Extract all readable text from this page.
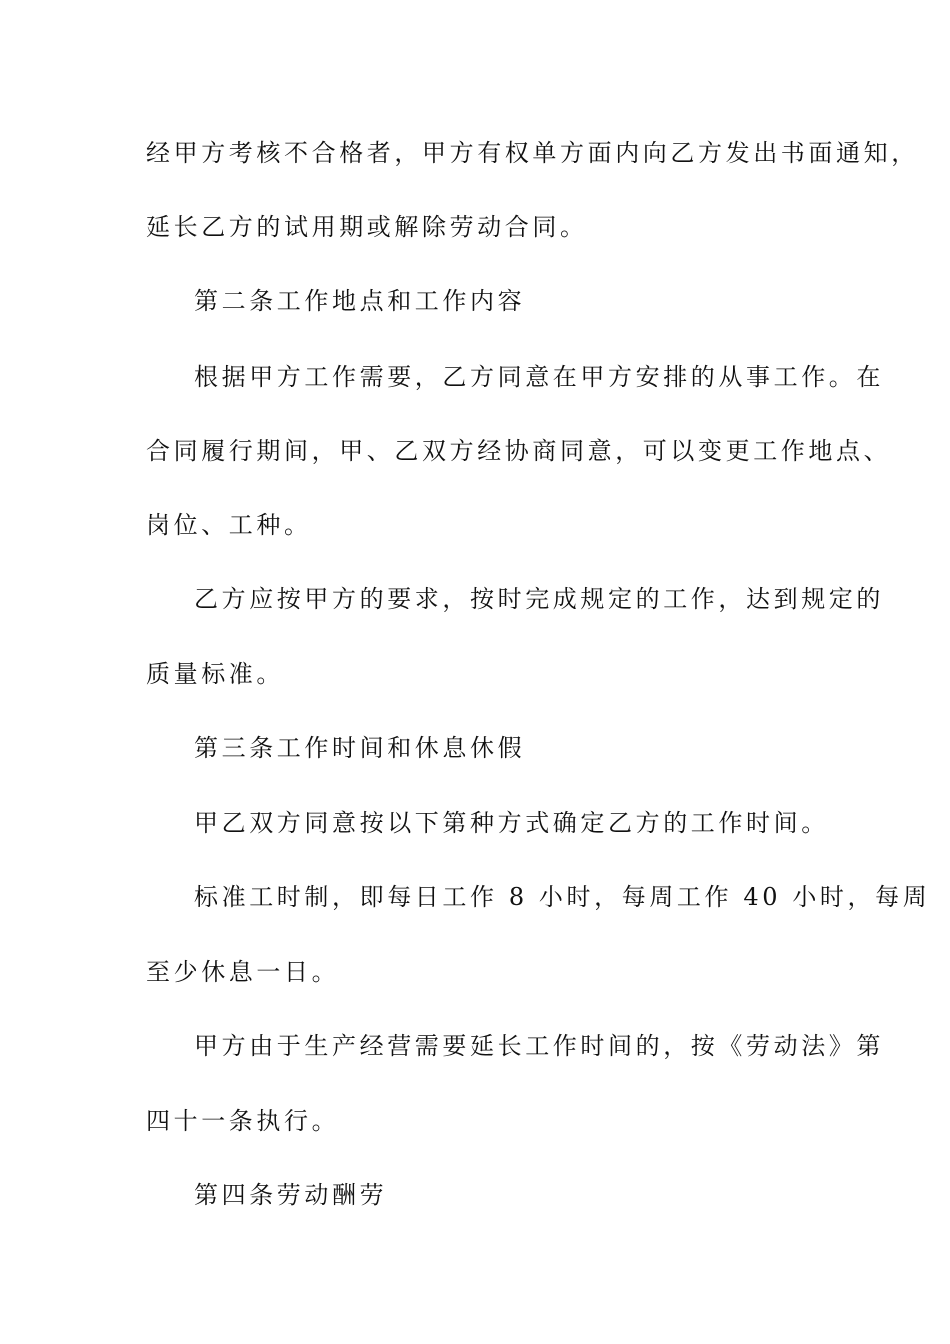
经甲方考核不合格者，甲方有权单方面内向乙方发出书面通知，

延长乙方的试用期或解除劳动合同。

第二条工作地点和工作内容

根据甲方工作需要，乙方同意在甲方安排的从事工作。在

合同履行期间，甲、乙双方经协商同意，可以变更工作地点、

岗位、工种。

乙方应按甲方的要求，按时完成规定的工作，达到规定的

质量标准。

第三条工作时间和休息休假

甲乙双方同意按以下第种方式确定乙方的工作时间。

标准工时制，即每日工作 8 小时，每周工作 40 小时，每周

至少休息一日。

甲方由于生产经营需要延长工作时间的，按《劳动法》第

四十一条执行。

第四条劳动酬劳
